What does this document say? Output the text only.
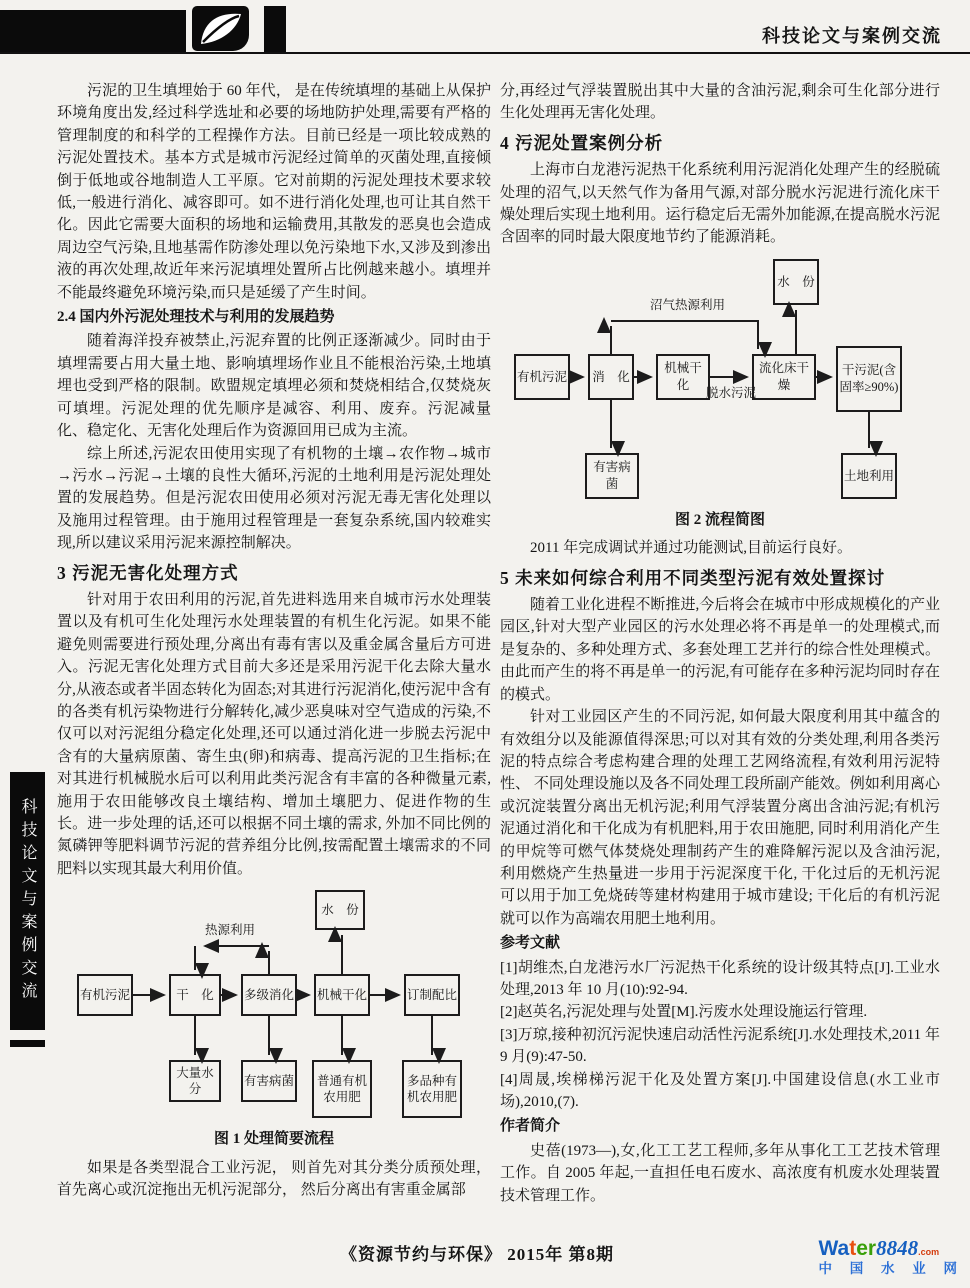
科技论文与案例交流
科技论文与案例交流

污泥的卫生填埋始于 60 年代， 是在传统填埋的基础上从保护环境角度出发,经过科学选址和必要的场地防护处理,需要有严格的管理制度的和科学的工程操作方法。目前已经是一项比较成熟的污泥处置技术。基本方式是城市污泥经过简单的灭菌处理,直接倾倒于低地或谷地制造人工平原。它对前期的污泥处理技术要求较低,一般进行消化、减容即可。如不进行消化处理,也可让其自然干化。因此它需要大面积的场地和运输费用,其散发的恶臭也会造成周边空气污染,且地基需作防渗处理以免污染地下水,又涉及到渗出液的再次处理,故近年来污泥填埋处置所占比例越来越小。填埋并不能最终避免环境污染,而只是延缓了产生时间。

2.4 国内外污泥处理技术与利用的发展趋势

随着海洋投弃被禁止,污泥弃置的比例正逐渐减少。同时由于填埋需要占用大量土地、影响填埋场作业且不能根治污染,土地填埋也受到严格的限制。欧盟规定填埋必须和焚烧相结合,仅焚烧灰可填埋。污泥处理的优先顺序是减容、利用、废弃。污泥减量化、稳定化、无害化处理后作为资源回用已成为主流。

综上所述,污泥农田使用实现了有机物的土壤→农作物→城市→污水→污泥→土壤的良性大循环,污泥的土地利用是污泥处理处置的发展趋势。但是污泥农田使用必须对污泥无毒无害化处理以及施用过程管理。由于施用过程管理是一套复杂系统,国内较难实现,所以建议采用污泥来源控制解决。

3 污泥无害化处理方式

针对用于农田利用的污泥,首先进料选用来自城市污水处理装置以及有机可生化处理污水处理装置的有机生化污泥。如果不能避免则需要进行预处理,分离出有毒有害以及重金属含量后方可进入。污泥无害化处理方式目前大多还是采用污泥干化去除大量水分,从液态或者半固态转化为固态;对其进行污泥消化,使污泥中含有的各类有机污染物进行分解转化,减少恶臭味对空气造成的污染,不仅可以对污泥组分稳定化处理,还可以通过消化进一步脱去污泥中含有的大量病原菌、寄生虫(卵)和病毒、提高污泥的卫生指标;在对其进行机械脱水后可以利用此类污泥含有丰富的各种微量元素,施用于农田能够改良土壤结构、增加土壤肥力、促进作物的生长。进一步处理的话,还可以根据不同土壤的需求, 外加不同比例的氮磷钾等肥料调节污泥的营养组分比例,按需配置土壤需求的不同肥料以实现其最大利用价值。

热源利用
水　份
有机污泥	干　化	多级消化 机械干化	订制配比
大量水分
有害病菌	普通有机农用肥
多品种有机农用肥

图 1 处理简要流程

如果是各类型混合工业污泥， 则首先对其分类分质预处理，首先离心或沉淀拖出无机污泥部分， 然后分离出有害重金属部

分,再经过气浮装置脱出其中大量的含油污泥,剩余可生化部分进行生化处理再无害化处理。

4 污泥处置案例分析

上海市白龙港污泥热干化系统利用污泥消化处理产生的经脱硫处理的沼气,以天然气作为备用气源,对部分脱水污泥进行流化床干燥处理后实现土地利用。运行稳定后无需外加能源,在提高脱水污泥含固率的同时最大限度地节约了能源消耗。

沼气热源利用
脱水污泥
水　份
有机污泥	消　化
机械干化
流化床干燥
干污泥(含固率≥90%)
有害病菌
土地利用

图 2 流程简图

2011 年完成调试并通过功能测试,目前运行良好。

5 未来如何综合利用不同类型污泥有效处置探讨

随着工业化进程不断推进,今后将会在城市中形成规模化的产业园区,针对大型产业园区的污水处理必将不再是单一的处理模式,而是复杂的、多种处理方式、多套处理工艺并行的综合性处理模式。由此而产生的将不再是单一的污泥,有可能存在多种污泥均同时存在的模式。

针对工业园区产生的不同污泥, 如何最大限度利用其中蕴含的有效组分以及能源值得深思;可以对其有效的分类处理,利用各类污泥的特点综合考虑构建合理的处理工艺网络流程,有效利用污泥特性、 不同处理设施以及各不同处理工段所副产能效。例如利用离心或沉淀装置分离出无机污泥;利用气浮装置分离出含油污泥;有机污泥通过消化和干化成为有机肥料,用于农田施肥, 同时利用消化产生的甲烷等可燃气体焚烧处理制药产生的难降解污泥以及含油污泥, 利用燃烧产生热量进一步用于污泥深度干化, 干化过后的无机污泥可以用于加工免烧砖等建材构建用于城市建设; 干化后的有机污泥就可以作为高端农用肥土地利用。

参考文献

[1]胡维杰,白龙港污水厂污泥热干化系统的设计级其特点[J].工业水处理,2013 年 10 月(10):92-94.

[2]赵英名,污泥处理与处置[M].污废水处理设施运行管理.

[3]万琼,接种初沉污泥快速启动活性污泥系统[J].水处理技术,2011 年 9 月(9):47-50.

[4]周晟,埃梯梯污泥干化及处置方案[J].中国建设信息(水工业市场),2010,(7).

作者简介

史蓓(1973—),女,化工工艺工程师,多年从事化工工艺技术管理工作。自 2005 年起,一直担任电石废水、高浓度有机废水处理装置技术管理工作。

《资源节约与环保》 2015年 第8期	Water8848.com
中 国 水 业 网
